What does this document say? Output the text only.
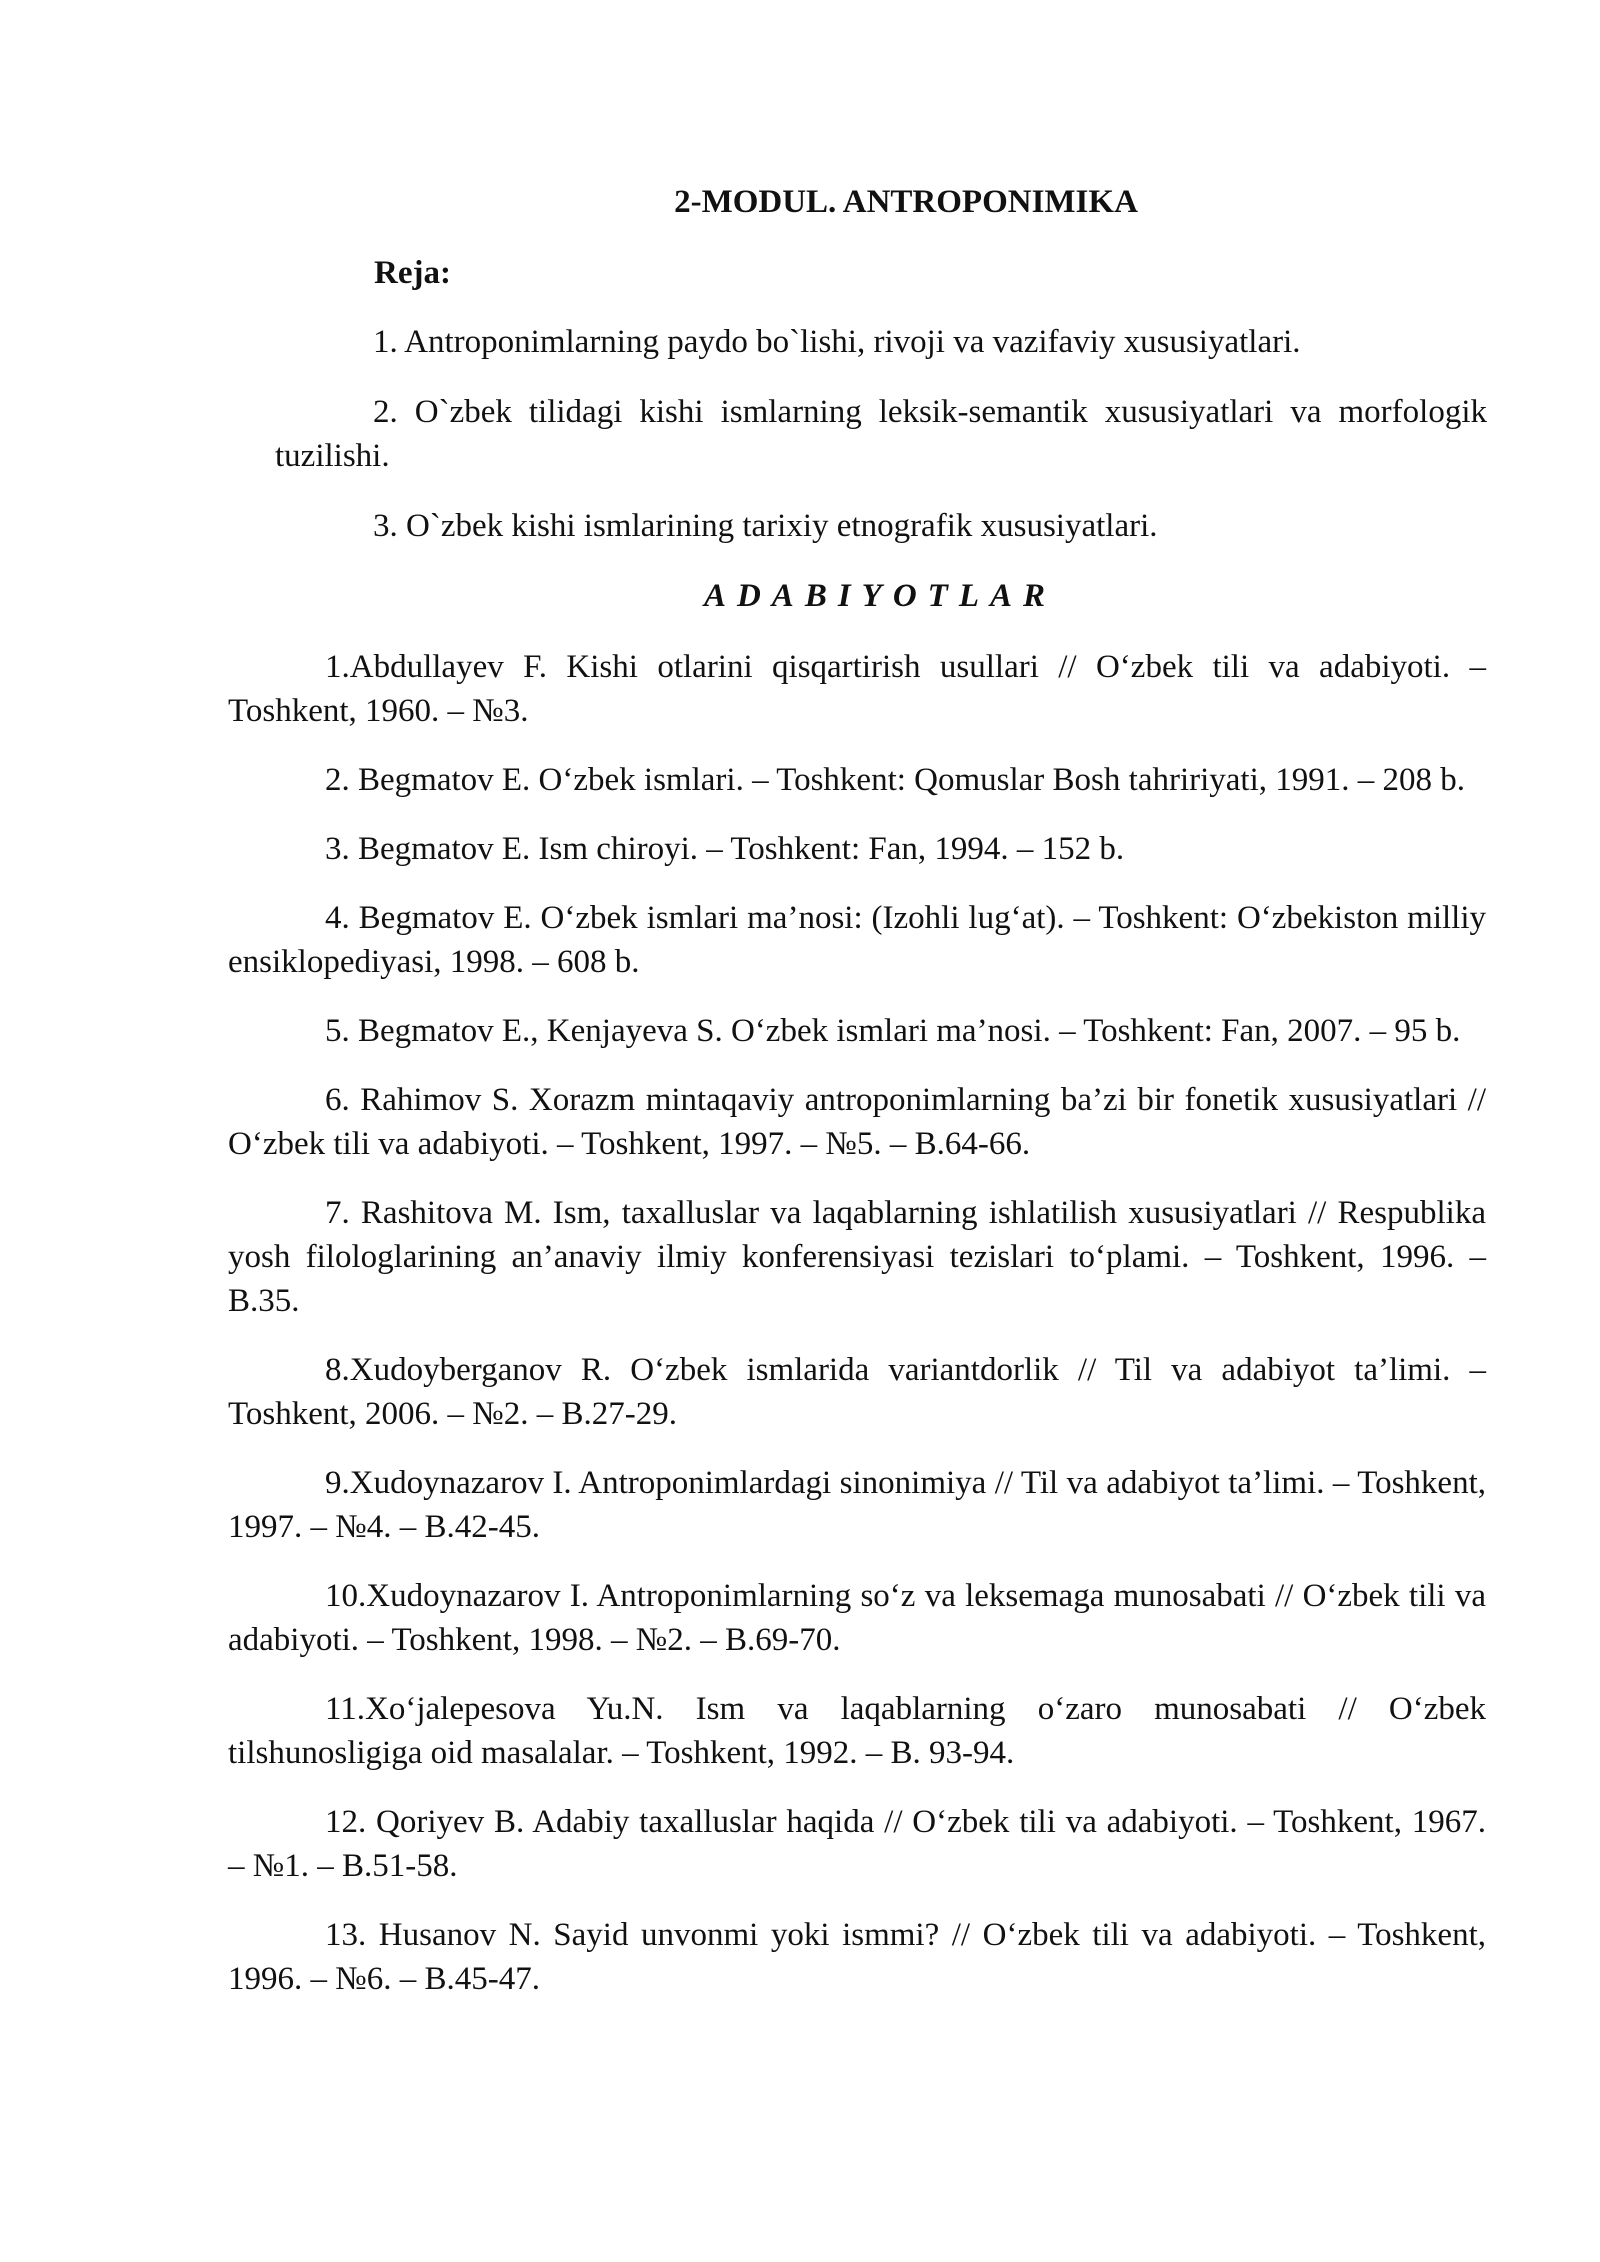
2-MODUL. ANTROPONIMIKA
Reja:
1. Antroponimlarning paydo bo`lishi, rivoji va vazifaviy xususiyatlari.
2. O`zbek tilidagi kishi ismlarning leksik-semantik xususiyatlari va morfologik tuzilishi.
3. O`zbek kishi ismlarining tarixiy etnografik xususiyatlari.
ADABIYOTLAR
1.Abdullayev F. Kishi otlarini qisqartirish usullari // O‘zbek tili va adabiyoti. – Toshkent, 1960. – №3.
2. Begmatov E. O‘zbek ismlari. – Toshkent: Qomuslar Bosh tahririyati, 1991. – 208 b.
3. Begmatov E. Ism chiroyi. – Toshkent: Fan, 1994. – 152 b.
4. Begmatov E. O‘zbek ismlari ma’nosi: (Izohli lug‘at). – Toshkent: O‘zbekiston milliy ensiklopediyasi, 1998. – 608 b.
5. Begmatov E., Kenjayeva S. O‘zbek ismlari ma’nosi. – Toshkent: Fan, 2007. – 95 b.
6. Rahimov S. Xorazm mintaqaviy antroponimlarning ba’zi bir fonetik xususiyatlari // O‘zbek tili va adabiyoti. – Toshkent, 1997. – №5. – B.64-66.
7. Rashitova M. Ism, taxalluslar va laqablarning ishlatilish xususiyatlari // Respublika yosh filologlarining an’anaviy ilmiy konferensiyasi tezislari to‘plami. – Toshkent, 1996. – B.35.
8.Xudoyberganov R. O‘zbek ismlarida variantdorlik // Til va adabiyot ta’limi. – Toshkent, 2006. – №2. – B.27-29.
9.Xudoynazarov I. Antroponimlardagi sinonimiya // Til va adabiyot ta’limi. – Toshkent, 1997. – №4. – B.42-45.
10.Xudoynazarov I. Antroponimlarning so‘z va leksemaga munosabati // O‘zbek tili va adabiyoti. – Toshkent, 1998. – №2. – B.69-70.
11.Xo‘jalepesova Yu.N. Ism va laqablarning o‘zaro munosabati // O‘zbek tilshunosligiga oid masalalar. – Toshkent, 1992. – B. 93-94.
12. Qoriyev B. Adabiy taxalluslar haqida // O‘zbek tili va adabiyoti. – Toshkent, 1967. – №1. – B.51-58.
13. Husanov N. Sayid unvonmi yoki ismmi? // O‘zbek tili va adabiyoti. – Toshkent, 1996. – №6. – B.45-47.
